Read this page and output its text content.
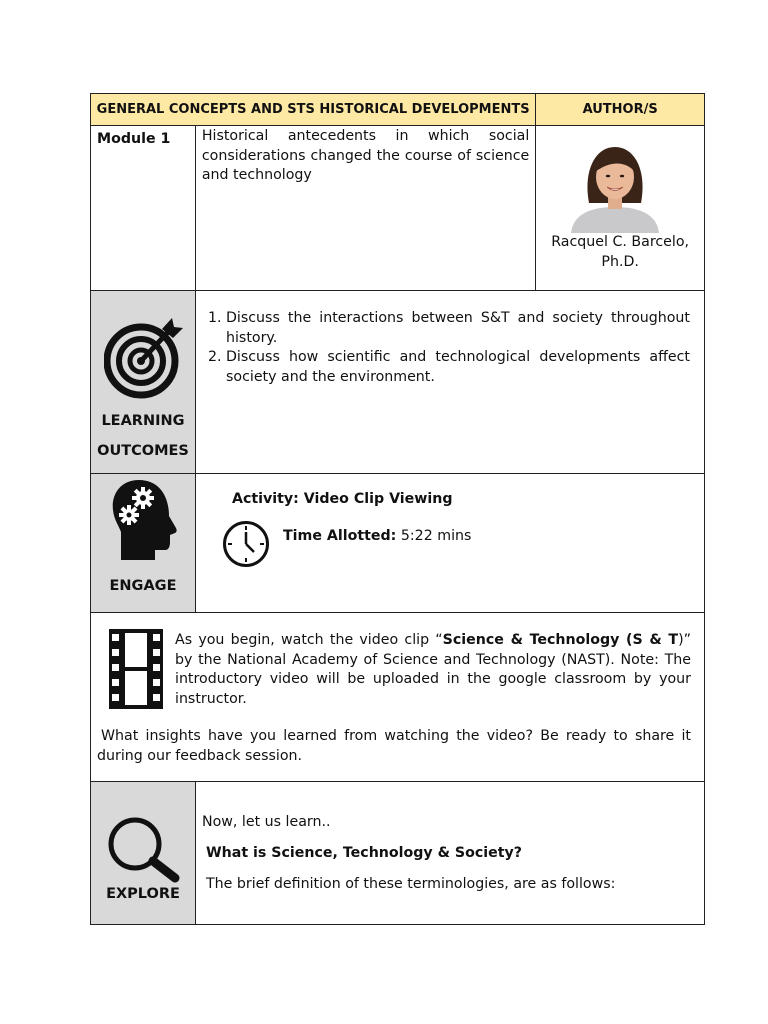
GENERAL CONCEPTS AND STS HISTORICAL DEVELOPMENTS	AUTHOR/S
Module 1	Historical antecedents in which social considerations changed the course of science and technology
Racquel C. Barcelo, Ph.D.
LEARNING
OUTCOMES
1. Discuss the interactions between S&T and society throughout history.
2. Discuss how scientific and technological developments affect society and the environment.
ENGAGE
Activity: Video Clip Viewing
Time Allotted: 5:22 mins
As you begin, watch the video clip “Science & Technology (S & T)” by the National Academy of Science and Technology (NAST). Note: The introductory video will be uploaded in the google classroom by your instructor.
What insights have you learned from watching the video? Be ready to share it during our feedback session.
EXPLORE
Now, let us learn..
What is Science, Technology & Society?
The brief definition of these terminologies, are as follows:
